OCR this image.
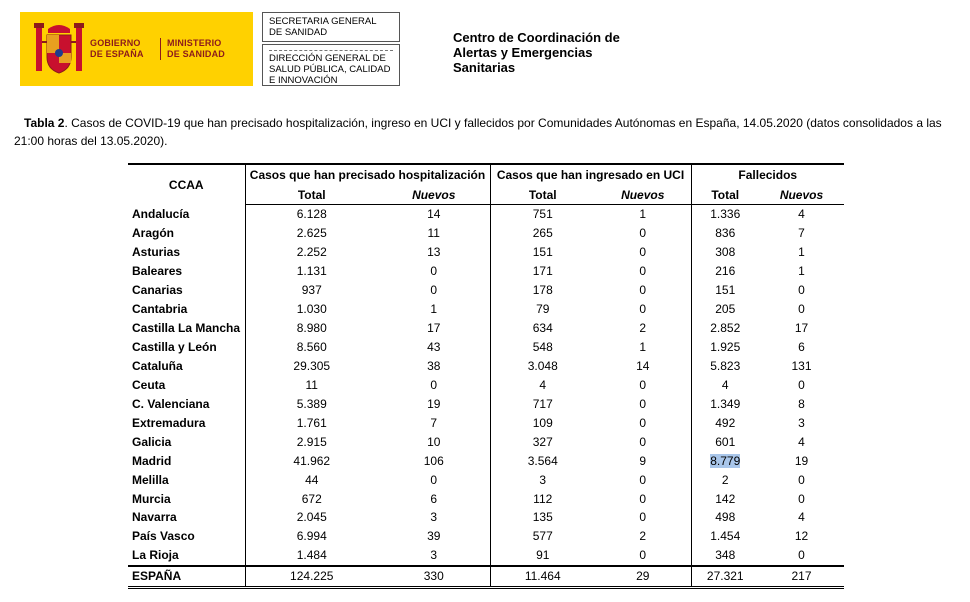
GOBIERNO
DE ESPAÑA
MINISTERIO
DE SANIDAD
SECRETARIA GENERAL
DE SANIDAD
DIRECCIÓN GENERAL DE
SALUD PÚBLICA, CALIDAD
E INNOVACIÓN
Centro de Coordinación de
Alertas y Emergencias
Sanitarias
Tabla 2. Casos de COVID-19 que han precisado hospitalización, ingreso en UCI y fallecidos por Comunidades Autónomas en España, 14.05.2020 (datos consolidados a las 21:00 horas del 13.05.2020).
CCAA	Casos que han precisado hospitalización		Casos que han ingresado en UCI		Fallecidos	
	Total	Nuevos	Total	Nuevos	Total	Nuevos
Andalucía	6.128	14	751	1	1.336	4
Aragón	2.625	11	265	0	836	7
Asturias	2.252	13	151	0	308	1
Baleares	1.131	0	171	0	216	1
Canarias	937	0	178	0	151	0
Cantabria	1.030	1	79	0	205	0
Castilla La Mancha	8.980	17	634	2	2.852	17
Castilla y León	8.560	43	548	1	1.925	6
Cataluña	29.305	38	3.048	14	5.823	131
Ceuta	11	0	4	0	4	0
C. Valenciana	5.389	19	717	0	1.349	8
Extremadura	1.761	7	109	0	492	3
Galicia	2.915	10	327	0	601	4
Madrid	41.962	106	3.564	9	8.779	19
Melilla	44	0	3	0	2	0
Murcia	672	6	112	0	142	0
Navarra	2.045	3	135	0	498	4
País Vasco	6.994	39	577	2	1.454	12
La Rioja	1.484	3	91	0	348	0
ESPAÑA	124.225	330	11.464	29	27.321	217
